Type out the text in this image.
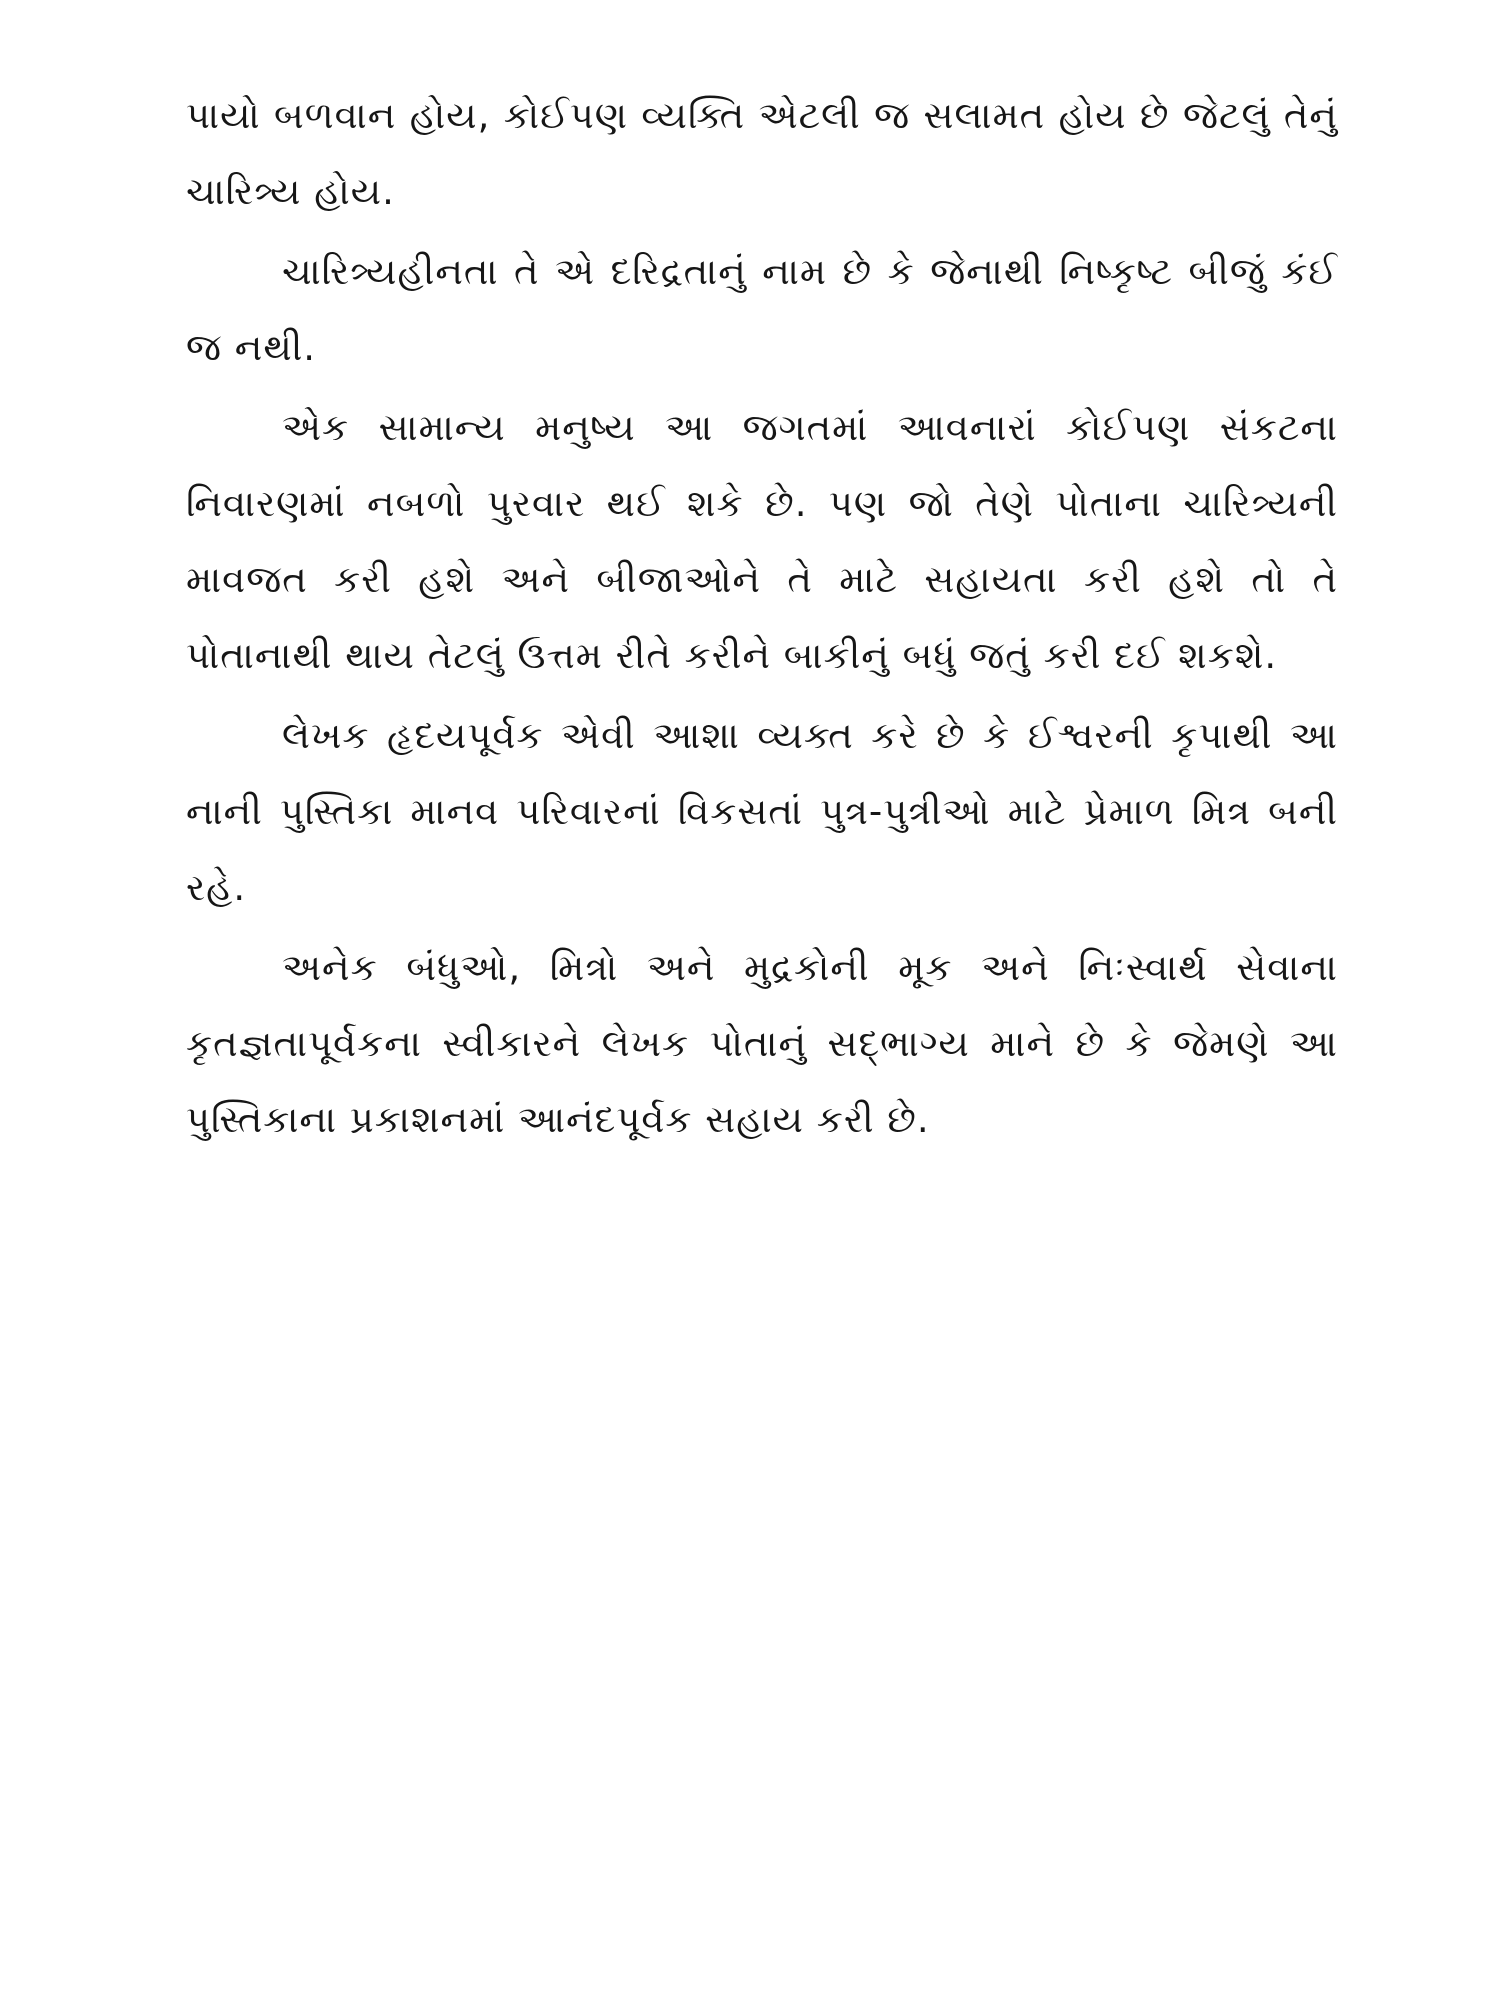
પાયો બળવાન હોય, કોઈપણ વ્યક્તિ એટલી જ સલામત હોય છે જેટલું તેનું ચારિત્ર્ય હોય.

ચારિત્ર્યહીનતા તે એ દરિદ્રતાનું નામ છે કે જેનાથી નિષ્કૃષ્ટ બીજું કંઈ જ નથી.

એક સામાન્ય મનુષ્ય આ જગતમાં આવનારાં કોઈપણ સંકટના નિવારણમાં નબળો પુરવાર થઈ શકે છે. પણ જો તેણે પોતાના ચારિત્ર્યની માવજત કરી હશે અને બીજાઓને તે માટે સહાયતા કરી હશે તો તે પોતાનાથી થાય તેટલું ઉત્તમ રીતે કરીને બાકીનું બધું જતું કરી દઈ શકશે.

લેખક હૃદયપૂર્વક એવી આશા વ્યક્ત કરે છે કે ઈશ્વરની કૃપાથી આ નાની પુસ્તિકા માનવ પરિવારનાં વિકસતાં પુત્ર-પુત્રીઓ માટે પ્રેમાળ મિત્ર બની રહે.

અનેક બંધુઓ, મિત્રો અને મુદ્રકોની મૂક અને નિઃસ્વાર્થ સેવાના કૃતજ્ઞતાપૂર્વકના સ્વીકારને લેખક પોતાનું સદ્‌ભાગ્ય માને છે કે જેમણે આ પુસ્તિકાના પ્રકાશનમાં આનંદપૂર્વક સહાય કરી છે.
